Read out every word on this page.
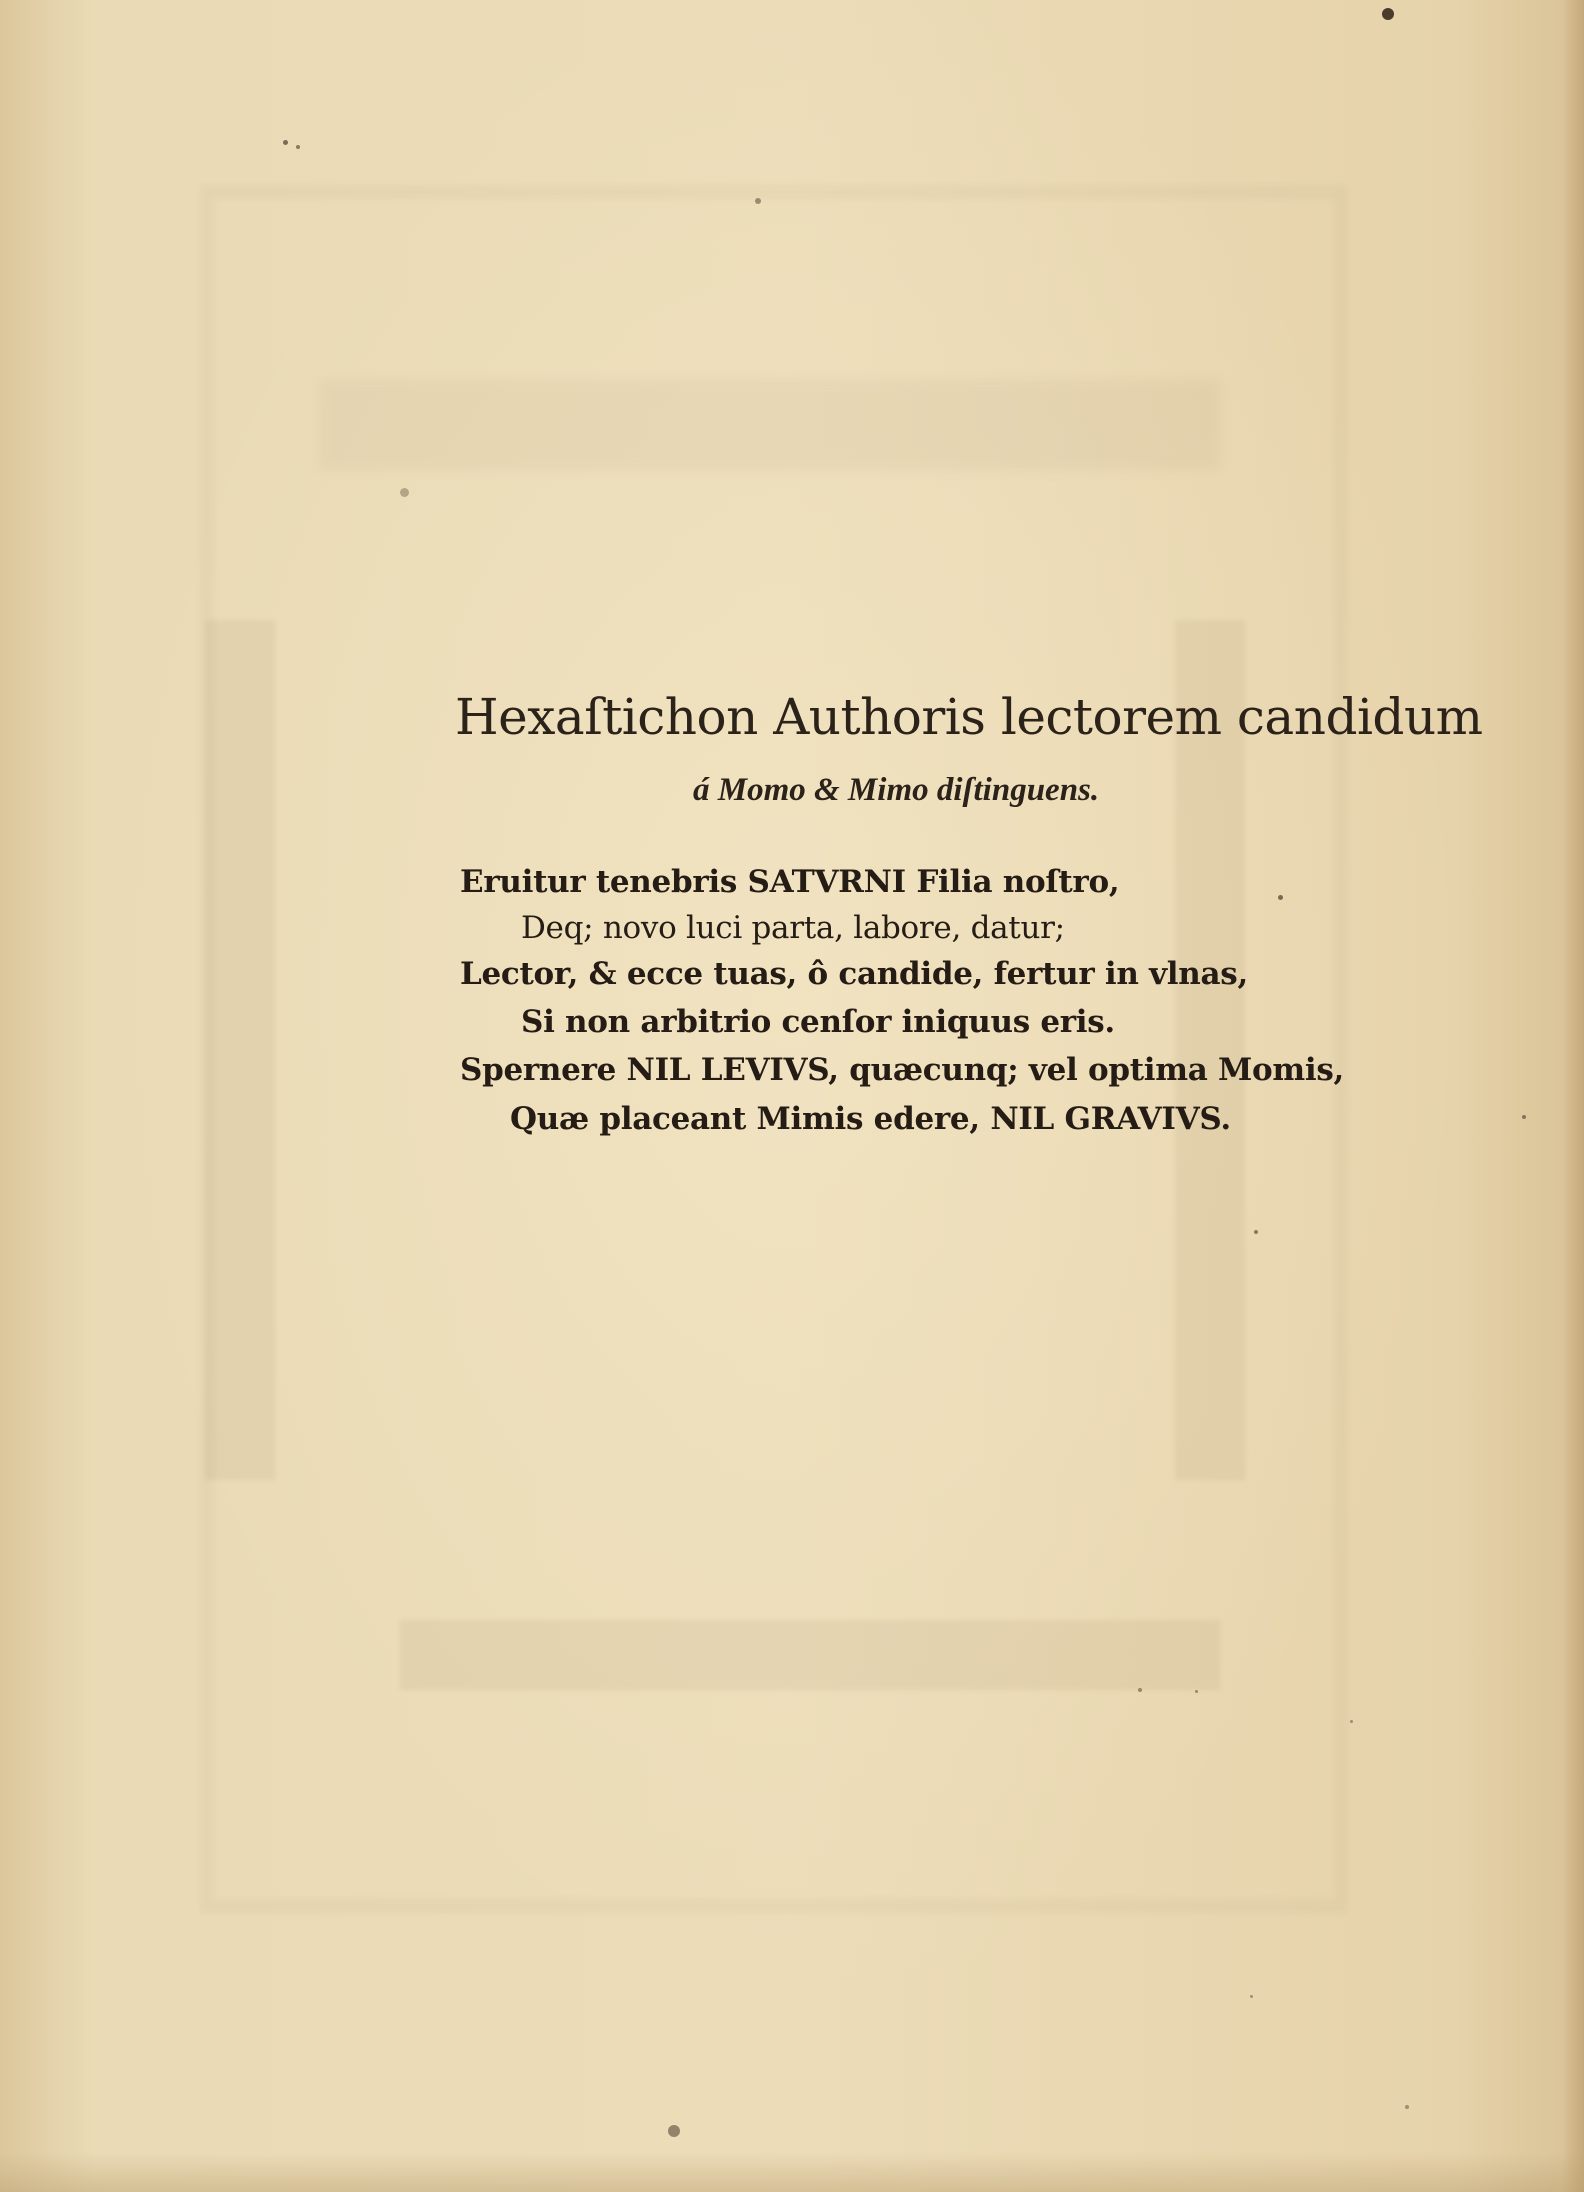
Hexaſtichon Authoris lectorem candidum
á Momo & Mimo diſtinguens.
Eruitur tenebris SATVRNI Filia noſtro,
Deq; novo luci parta, labore, datur;
Lector, & ecce tuas, ô candide, fertur in vlnas,
Si non arbitrio cenſor iniquus eris.
Spernere NIL LEVIVS, quæcunq; vel optima Momis,
Quæ placeant Mimis edere, NIL GRAVIVS.
